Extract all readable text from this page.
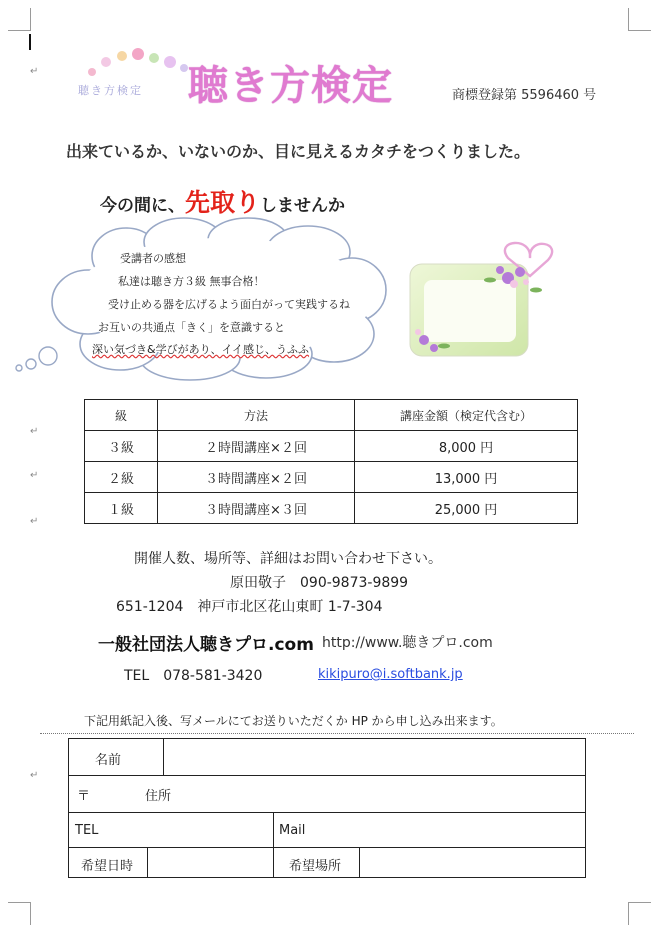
↵
↵
↵
↵
↵
聴き方検定 聴き方検定	商標登録第 5596460 号
出来ているか、いないのか、目に見えるカタチをつくりました。
今の間に、先取りしませんか
受講者の感想
私達は聴き方３級 無事合格！
受け止める器を広げるよう面白がって実践するね
お互いの共通点「きく」を意識すると
深い気づき&学びがあり、イイ感じ、うふふ
級	方法	講座金額（検定代含む）
３級	２時間講座×２回	8,000 円
２級	３時間講座×２回	13,000 円
１級	３時間講座×３回	25,000 円
開催人数、場所等、詳細はお問い合わせ下さい。
原田敬子　090-9873-9899
651-1204　神戸市北区花山東町 1-7-304
一般社団法人聴きプロ.com http://www.聴きプロ.com
TEL　078-581-3420	kikipuro@i.softbank.jp
下記用紙記入後、写メールにてお送りいただくか HP から申し込み出来ます。
名前
〒	住所
TEL	Mail
希望日時	希望場所
